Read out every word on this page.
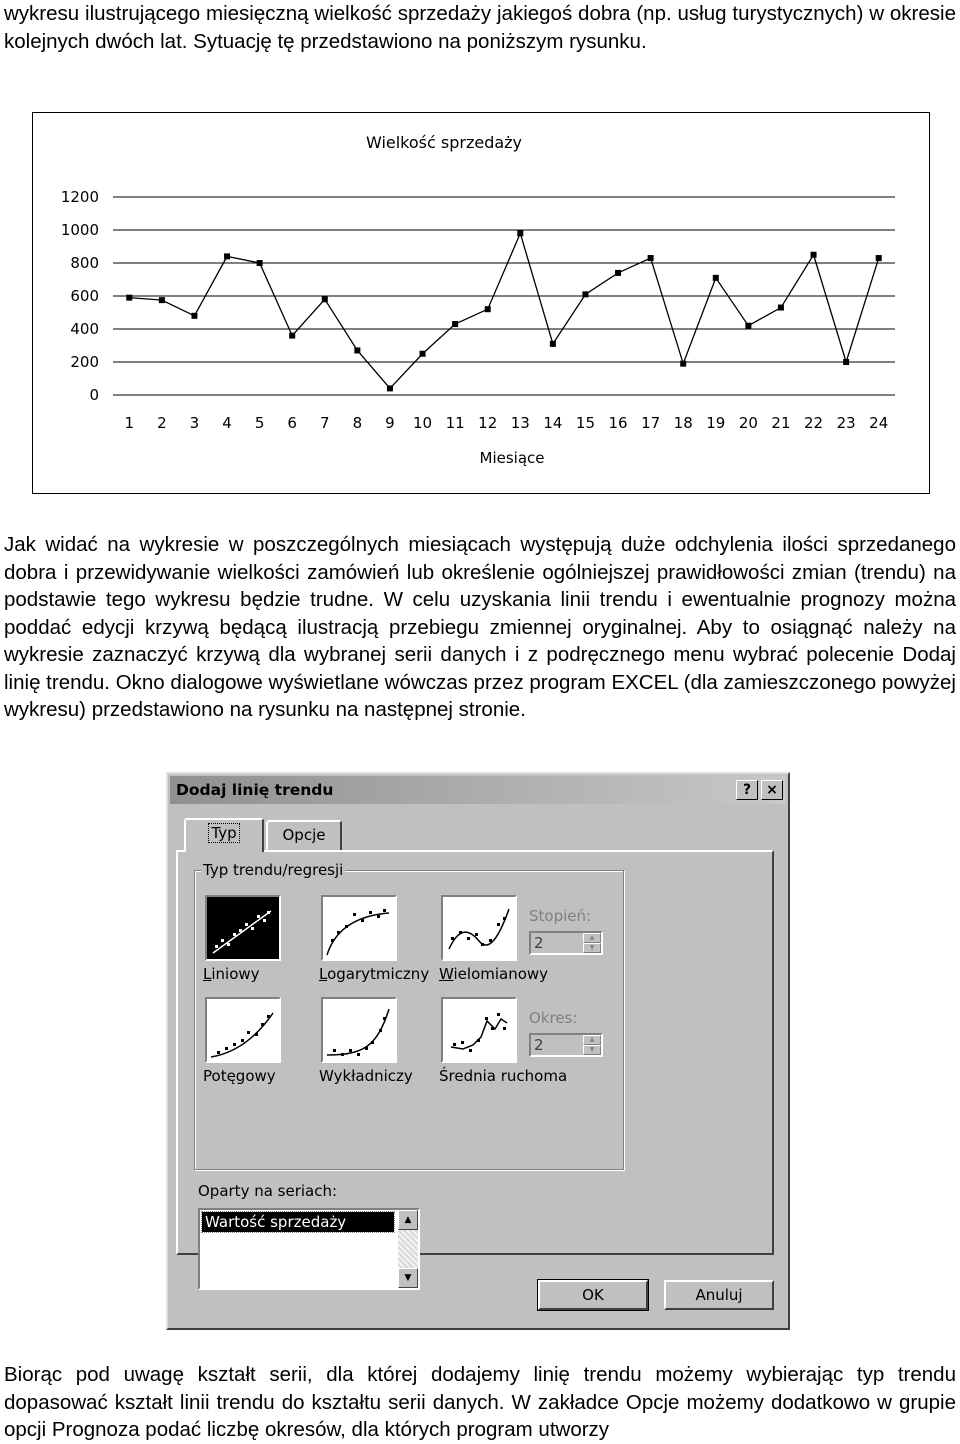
wykresu ilustrującego miesięczną wielkość sprzedaży jakiegoś dobra (np. usług turystycznych) w okresie kolejnych dwóch lat. Sytuację tę przedstawiono na poniższym rysunku.

Wielkość sprzedaży
0
200
400
600
800
1000
1200
1 2 3 4 5 6 7 8 9 10 11 12 13 14 15 16 17 18 19 20 21 22 23 24
Miesiące

Jak widać na wykresie w poszczególnych miesiącach występują duże odchylenia ilości sprzedanego dobra i przewidywanie wielkości zamówień lub określenie ogólniejszej prawidłowości zmian (trendu) na podstawie tego wykresu będzie trudne. W celu uzyskania linii trendu i ewentualnie prognozy można poddać edycji krzywą będącą ilustracją przebiegu zmiennej oryginalnej. Aby to osiągnąć należy na wykresie zaznaczyć krzywą dla wybranej serii danych i z podręcznego menu wybrać polecenie Dodaj linię trendu. Okno dialogowe wyświetlane wówczas przez program EXCEL (dla zamieszczonego powyżej wykresu) przedstawiono na rysunku na następnej stronie.

Dodaj linię trendu	?	×
Typ	Opcje
Typ trendu/regresji
Liniowy	Logarytmiczny Wielomianowy
Stopień:
2	▲
▼
Potęgowy	Wykładniczy Średnia ruchoma
Okres:
2	▲
▼
Oparty na seriach:
Wartość sprzedaży	▲
▼
OK	Anuluj

Biorąc pod uwagę kształt serii, dla której dodajemy linię trendu możemy wybierając typ trendu dopasować kształt linii trendu do kształtu serii danych. W zakładce Opcje możemy dodatkowo w grupie opcji Prognoza podać liczbę okresów, dla których program utworzy
